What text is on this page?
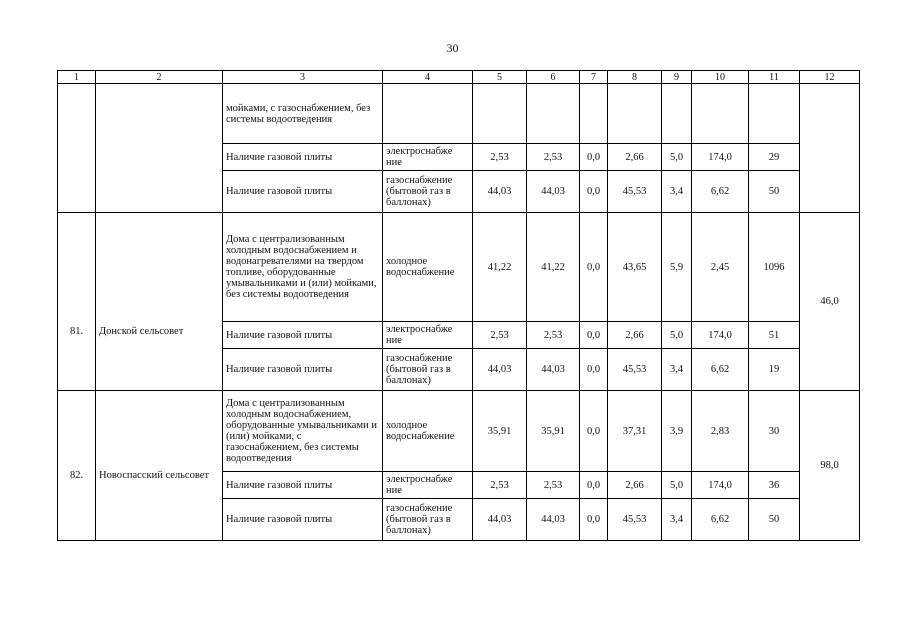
30
1	2	3	4	5	6	7	8	9	10	11	12
		мойками, с газоснабжением, без системы водоотведения									
		Наличие газовой плиты	электроснабже ние	2,53	2,53	0,0	2,66	5,0	174,0	29	
		Наличие газовой плиты	газоснабжение (бытовой газ в баллонах)	44,03	44,03	0,0	45,53	3,4	6,62	50	
81.	Донской сельсовет	Дома с централизованным холодным водоснабжением и водонагревателями на твердом топливе, оборудованные умывальниками и (или) мойками, без системы водоотведения	холодное водоснабжение	41,22	41,22	0,0	43,65	5,9	2,45	1096	46,0
		Наличие газовой плиты	электроснабже ние	2,53	2,53	0,0	2,66	5,0	174,0	51	
		Наличие газовой плиты	газоснабжение (бытовой газ в баллонах)	44,03	44,03	0,0	45,53	3,4	6,62	19	
82.	Новоспасский сельсовет	Дома с централизованным холодным водоснабжением, оборудованные умывальниками и (или) мойками, с газоснабжением, без системы водоотведения	холодное водоснабжение	35,91	35,91	0,0	37,31	3,9	2,83	30	98,0
		Наличие газовой плиты	электроснабже ние	2,53	2,53	0,0	2,66	5,0	174,0	36	
		Наличие газовой плиты	газоснабжение (бытовой газ в баллонах)	44,03	44,03	0,0	45,53	3,4	6,62	50	
